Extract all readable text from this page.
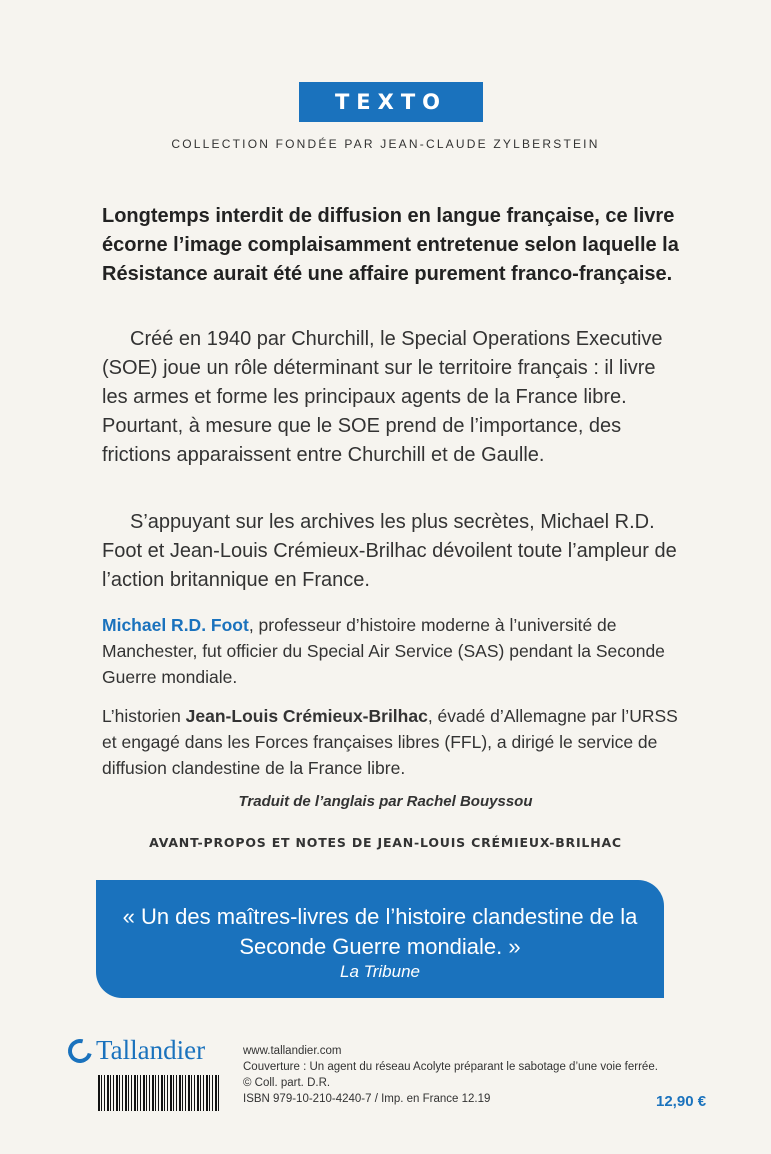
TEXTO
COLLECTION FONDÉE PAR JEAN-CLAUDE ZYLBERSTEIN

Longtemps interdit de diffusion en langue française, ce livre écorne l’image complaisamment entretenue selon laquelle la Résistance aurait été une affaire purement franco-française.

Créé en 1940 par Churchill, le Special Operations Executive (SOE) joue un rôle déterminant sur le territoire français : il livre les armes et forme les principaux agents de la France libre. Pourtant, à mesure que le SOE prend de l’importance, des frictions apparaissent entre Churchill et de Gaulle.

S’appuyant sur les archives les plus secrètes, Michael R.D. Foot et Jean-Louis Crémieux-Brilhac dévoilent toute l’ampleur de l’action britannique en France.

Michael R.D. Foot, professeur d’histoire moderne à l’université de Manchester, fut officier du Special Air Service (SAS) pendant la Seconde Guerre mondiale.

L’historien Jean-Louis Crémieux-Brilhac, évadé d’Allemagne par l’URSS et engagé dans les Forces françaises libres (FFL), a dirigé le service de diffusion clandestine de la France libre.

Traduit de l’anglais par Rachel Bouyssou
AVANT-PROPOS ET NOTES DE JEAN-LOUIS CRÉMIEUX-BRILHAC
« Un des maîtres-livres de l’histoire clandestine de la Seconde Guerre mondiale. »
La Tribune
Tallandier	www.tallandier.com
Couverture : Un agent du réseau Acolyte préparant le sabotage d’une voie ferrée.
© Coll. part. D.R.
ISBN 979-10-210-4240-7 / Imp. en France 12.19	12,90 €
